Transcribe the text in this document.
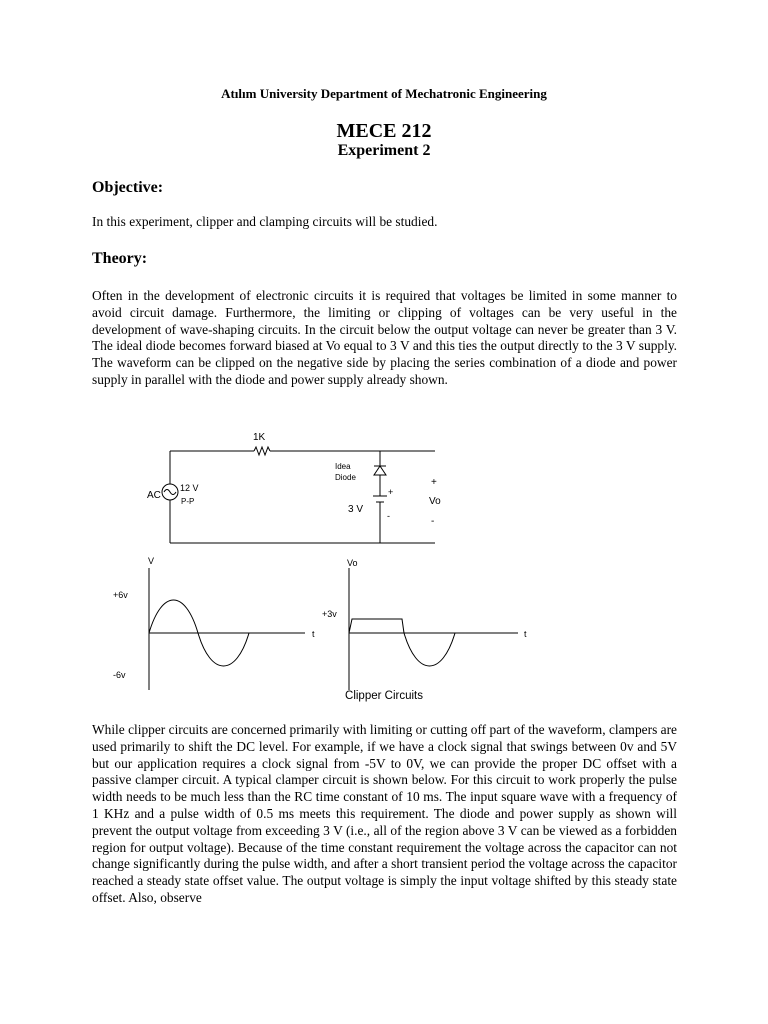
Atılım University Department of Mechatronic Engineering
MECE 212
Experiment 2
Objective:
In this experiment, clipper and clamping circuits will be studied.
Theory:
Often in the development of electronic circuits it is required that voltages be limited in some manner to avoid circuit damage. Furthermore, the limiting or clipping of voltages can be very useful in the development of wave-shaping circuits. In the circuit below the output voltage can never be greater than 3 V. The ideal diode becomes forward biased at Vo equal to 3 V and this ties the output directly to the 3 V supply. The waveform can be clipped on the negative side by placing the series combination of a diode and power supply in parallel with the diode and power supply already shown.
1K
AC
12 V
P-P
Idea
Diode
+
3 V
-
+
Vo
-
V
t
+6v
-6v
Vo
t
+3v
Clipper Circuits
While clipper circuits are concerned primarily with limiting or cutting off part of the waveform, clampers are used primarily to shift the DC level. For example, if we have a clock signal that swings between 0v and 5V but our application requires a clock signal from -5V to 0V, we can provide the proper DC offset with a passive clamper circuit. A typical clamper circuit is shown below. For this circuit to work properly the pulse width needs to be much less than the RC time constant of 10 ms. The input square wave with a frequency of 1 KHz and a pulse width of 0.5 ms meets this requirement. The diode and power supply as shown will prevent the output voltage from exceeding 3 V (i.e., all of the region above 3 V can be viewed as a forbidden region for output voltage). Because of the time constant requirement the voltage across the capacitor can not change significantly during the pulse width, and after a short transient period the voltage across the capacitor reached a steady state offset value. The output voltage is simply the input voltage shifted by this steady state offset. Also, observe
